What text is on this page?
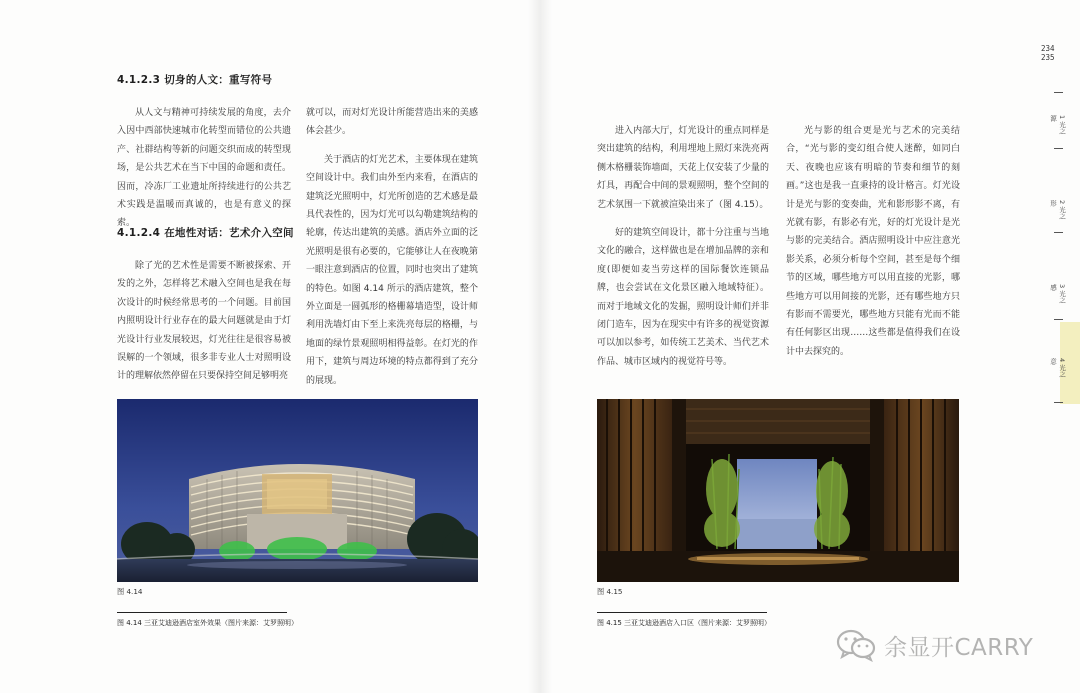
4.1.2.3 切身的人文：重写符号

从人文与精神可持续发展的角度，去介入因中西部快速城市化转型而错位的公共遗产、社群结构等新的问题交织而成的转型现场，是公共艺术在当下中国的命题和责任。因而，冷冻厂工业遗址所持续进行的公共艺术实践是温暖而真诚的，也是有意义的探索。

4.1.2.4 在地性对话：艺术介入空间

除了光的艺术性是需要不断被探索、开发的之外，怎样将艺术融入空间也是我在每次设计的时候经常思考的一个问题。目前国内照明设计行业存在的最大问题就是由于灯光设计行业发展较迟，灯光往往是很容易被误解的一个领域，很多非专业人士对照明设计的理解依然停留在只要保持空间足够明亮

就可以，而对灯光设计所能营造出来的美感体会甚少。

关于酒店的灯光艺术，主要体现在建筑空间设计中。我们由外至内来看，在酒店的建筑泛光照明中，灯光所创造的艺术感是最具代表性的，因为灯光可以勾勒建筑结构的轮廓，传达出建筑的美感。酒店外立面的泛光照明是很有必要的，它能够让人在夜晚第一眼注意到酒店的位置，同时也突出了建筑的特色。如图 4.14 所示的酒店建筑，整个外立面是一圆弧形的格栅幕墙造型，设计师利用洗墙灯由下至上来洗亮每层的格栅，与地面的绿竹景观照明相得益彰。在灯光的作用下，建筑与周边环境的特点都得到了充分的展现。

图 4.14
图 4.14 三亚艾迪逊酒店室外效果（图片来源：艾罗照明）

进入内部大厅，灯光设计的重点同样是突出建筑的结构，利用埋地上照灯来洗亮两侧木格栅装饰墙面，天花上仅安装了少量的灯具，再配合中间的景观照明，整个空间的艺术氛围一下就被渲染出来了（图 4.15）。

好的建筑空间设计，都十分注重与当地文化的融合，这样做也是在增加品牌的亲和度(即便如麦当劳这样的国际餐饮连锁品牌，也会尝试在文化景区融入地域特征）。而对于地域文化的发掘，照明设计师们并非闭门造车，因为在现实中有许多的视觉资源可以加以参考，如传统工艺美术、当代艺术作品、城市区域内的视觉符号等。

光与影的组合更是光与艺术的完美结合，“光与影的变幻组合使人迷醉，如同白天、夜晚也应该有明暗的节奏和细节的刻画。”这也是我一直秉持的设计格言。灯光设计是光与影的变奏曲，光和影形影不离，有光就有影，有影必有光，好的灯光设计是光与影的完美结合。酒店照明设计中应注意光影关系，必须分析每个空间，甚至是每个细节的区域，哪些地方可以用直接的光影，哪些地方可以用间接的光影，还有哪些地方只有影而不需要光，哪些地方只能有光而不能有任何影区出现……这些都是值得我们在设计中去探究的。

图 4.15
图 4.15 三亚艾迪逊酒店入口区（图片来源：艾罗照明）
234
235
1 光之源
2 光之形
3 光之感
4 光之意
余显开CARRY
